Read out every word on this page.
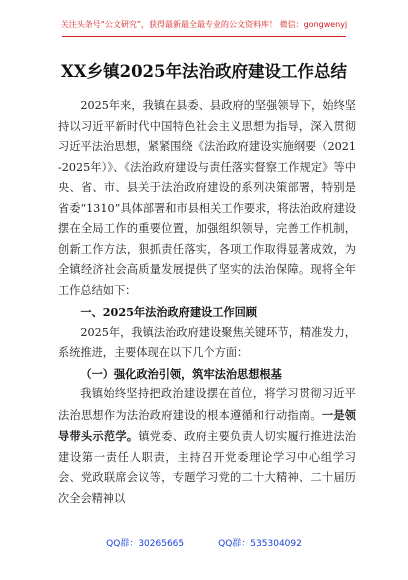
关注头条号“公文研究”，获得最新最全最专业的公文资料库！ 微信：gongwenyj
XX乡镇2025年法治政府建设工作总结

2025年来，我镇在县委、县政府的坚强领导下，始终坚持以习近平新时代中国特色社会主义思想为指导，深入贯彻习近平法治思想，紧紧围绕《法治政府建设实施纲要（2021-2025年）》、《法治政府建设与责任落实督察工作规定》等中央、省、市、县关于法治政府建设的系列决策部署，特别是省委“1310”具体部署和市县相关工作要求，将法治政府建设摆在全局工作的重要位置，加强组织领导，完善工作机制，创新工作方法，狠抓责任落实，各项工作取得显著成效，为全镇经济社会高质量发展提供了坚实的法治保障。现将全年工作总结如下：

一、2025年法治政府建设工作回顾

2025年，我镇法治政府建设聚焦关键环节，精准发力，系统推进，主要体现在以下几个方面：

（一）强化政治引领，筑牢法治思想根基

我镇始终坚持把政治建设摆在首位，将学习贯彻习近平法治思想作为法治政府建设的根本遵循和行动指南。一是领导带头示范学。镇党委、政府主要负责人切实履行推进法治建设第一责任人职责，主持召开党委理论学习中心组学习会、党政联席会议等，专题学习党的二十大精神、二十届历次全会精神以

QQ群：30265665	QQ群：535304092
